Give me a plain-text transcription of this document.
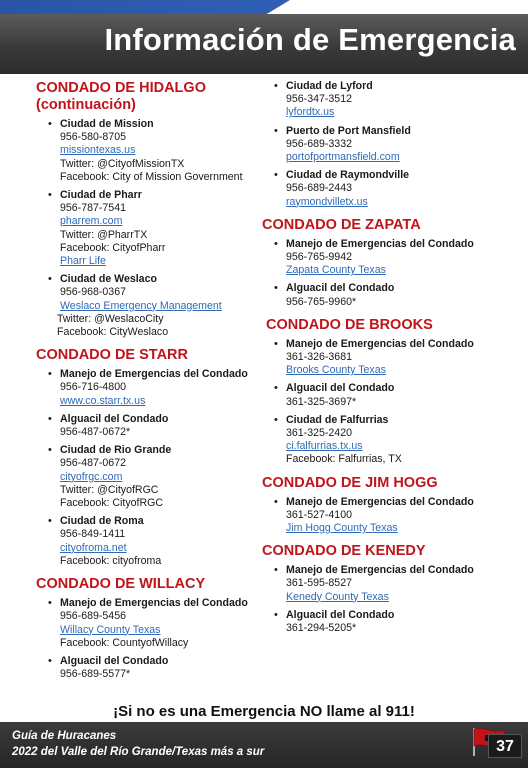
Información de Emergencia
CONDADO DE HIDALGO
(continuación)
• Ciudad de Mission
956-580-8705
missiontexas.us
Twitter: @CityofMissionTX
Facebook: City of Mission Government
• Ciudad de Pharr
956-787-7541
pharrem.com
Twitter: @PharrTX
Facebook: CityofPharr
Pharr Life
• Ciudad de Weslaco
956-968-0367
Weslaco Emergency Management
Twitter: @WeslacoCity
Facebook: CityWeslaco
CONDADO DE STARR
• Manejo de Emergencias del Condado
956-716-4800
www.co.starr.tx.us
• Alguacil del Condado
956-487-0672*
• Ciudad de Rio Grande
956-487-0672
cityofrgc.com
Twitter: @CityofRGC
Facebook: CityofRGC
• Ciudad de Roma
956-849-1411
cityofroma.net
Facebook: cityofroma
CONDADO DE WILLACY
• Manejo de Emergencias del Condado
956-689-5456
Willacy County Texas
Facebook: CountyofWillacy
• Alguacil del Condado
956-689-5577*
• Ciudad de Lyford
956-347-3512
lyfordtx.us
• Puerto de Port Mansfield
956-689-3332
portofportmansfield.com
• Ciudad de Raymondville
956-689-2443
raymondvilletx.us
CONDADO DE ZAPATA
• Manejo de Emergencias del Condado
956-765-9942
Zapata County Texas
• Alguacil del Condado
956-765-9960*
CONDADO DE BROOKS
• Manejo de Emergencias del Condado
361-326-3681
Brooks County Texas
• Alguacil del Condado
361-325-3697*
• Ciudad de Falfurrias
361-325-2420
ci.falfurrias.tx.us
Facebook: Falfurrias, TX
CONDADO DE JIM HOGG
• Manejo de Emergencias del Condado
361-527-4100
Jim Hogg County Texas
CONDADO DE KENEDY
• Manejo de Emergencias del Condado
361-595-8527
Kenedy County Texas
• Alguacil del Condado
361-294-5205*
¡Si no es una Emergencia NO llame al 911!
Guía de Huracanes
2022 del Valle del Río Grande/Texas más a sur	37
